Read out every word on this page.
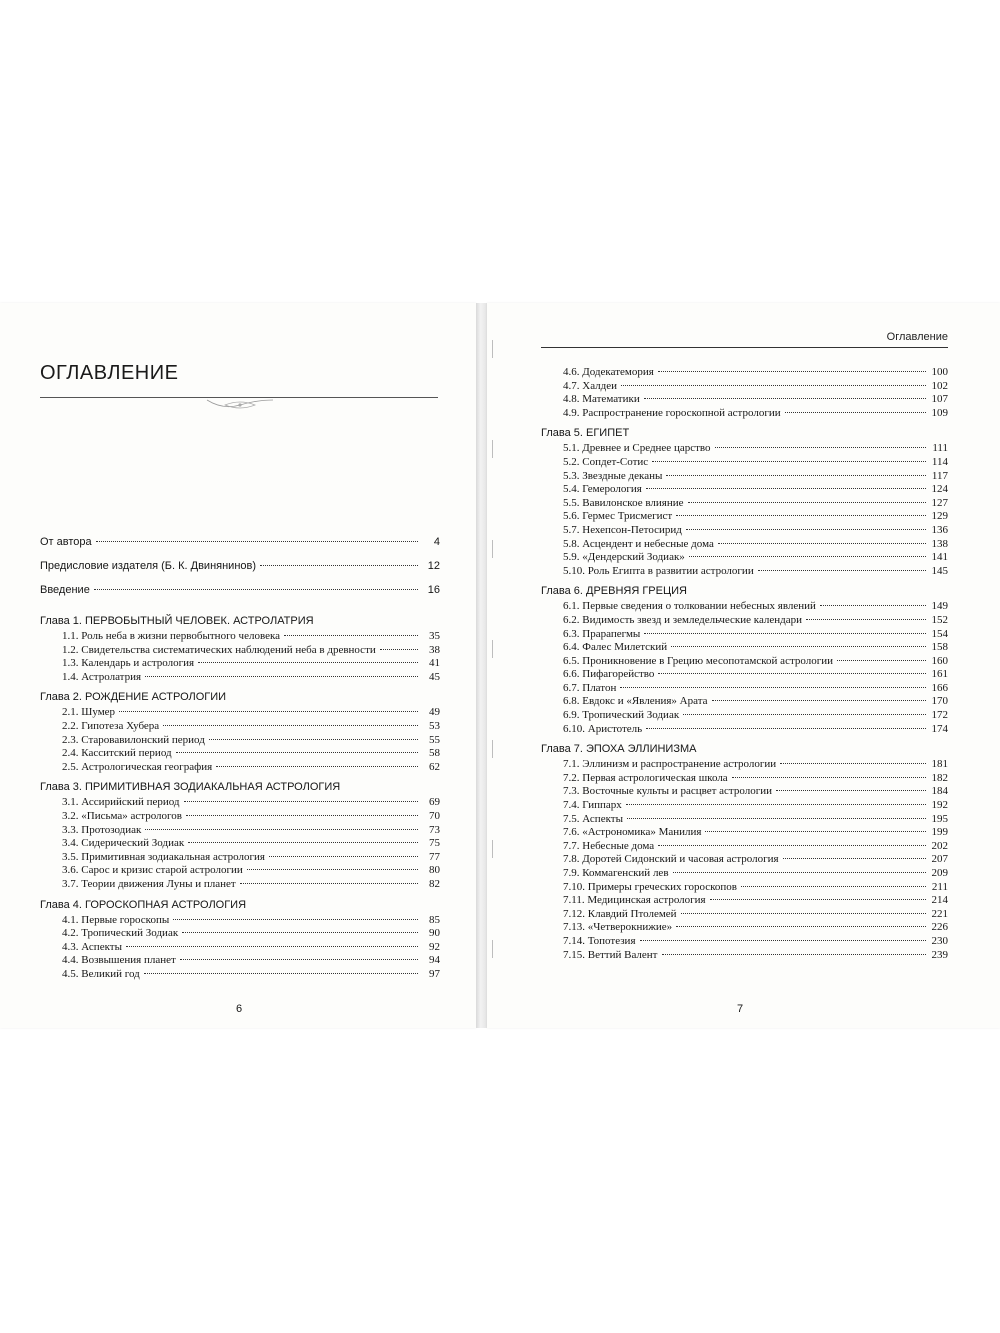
ОГЛАВЛЕНИЕ
Оглавление
От автора	4
Предисловие издателя (Б. К. Двинянинов)	12
Введение	16
Глава 1. ПЕРВОБЫТНЫЙ ЧЕЛОВЕК. АСТРОЛАТРИЯ
1.1. Роль неба в жизни первобытного человека	35
1.2. Свидетельства систематических наблюдений неба в древности	38
1.3. Календарь и астрология	41
1.4. Астролатрия	45
Глава 2. РОЖДЕНИЕ АСТРОЛОГИИ
2.1. Шумер	49
2.2. Гипотеза Хубера	53
2.3. Старовавилонский период	55
2.4. Касситский период	58
2.5. Астрологическая география	62
Глава 3. ПРИМИТИВНАЯ ЗОДИАКАЛЬНАЯ АСТРОЛОГИЯ
3.1. Ассирийский период	69
3.2. «Письма» астрологов	70
3.3. Протозодиак	73
3.4. Сидерический Зодиак	75
3.5. Примитивная зодиакальная астрология	77
3.6. Сарос и кризис старой астрологии	80
3.7. Теории движения Луны и планет	82
Глава 4. ГОРОСКОПНАЯ АСТРОЛОГИЯ
4.1. Первые гороскопы	85
4.2. Тропический Зодиак	90
4.3. Аспекты	92
4.4. Возвышения планет	94
4.5. Великий год	97
4.6. Додекатемория	100
4.7. Халдеи	102
4.8. Математики	107
4.9. Распространение гороскопной астрологии	109
Глава 5. ЕГИПЕТ
5.1. Древнее и Среднее царство	111
5.2. Сопдет-Сотис	114
5.3. Звездные деканы	117
5.4. Гемерология	124
5.5. Вавилонское влияние	127
5.6. Гермес Трисмегист	129
5.7. Нехепсон-Петосирид	136
5.8. Асцендент и небесные дома	138
5.9. «Дендерский Зодиак»	141
5.10. Роль Египта в развитии астрологии	145
Глава 6. ДРЕВНЯЯ ГРЕЦИЯ
6.1. Первые сведения о толковании небесных явлений	149
6.2. Видимость звезд и земледельческие календари	152
6.3. Прарапегмы	154
6.4. Фалес Милетский	158
6.5. Проникновение в Грецию месопотамской астрологии	160
6.6. Пифагорейство	161
6.7. Платон	166
6.8. Евдокс и «Явления» Арата	170
6.9. Тропический Зодиак	172
6.10. Аристотель	174
Глава 7. ЭПОХА ЭЛЛИНИЗМА
7.1. Эллинизм и распространение астрологии	181
7.2. Первая астрологическая школа	182
7.3. Восточные культы и расцвет астрологии	184
7.4. Гиппарх	192
7.5. Аспекты	195
7.6. «Астрономика» Манилия	199
7.7. Небесные дома	202
7.8. Доротей Сидонский и часовая астрология	207
7.9. Коммагенский лев	209
7.10. Примеры греческих гороскопов	211
7.11. Медицинская астрология	214
7.12. Клавдий Птолемей	221
7.13. «Четверокнижие»	226
7.14. Топотезия	230
7.15. Веттий Валент	239
6	7
